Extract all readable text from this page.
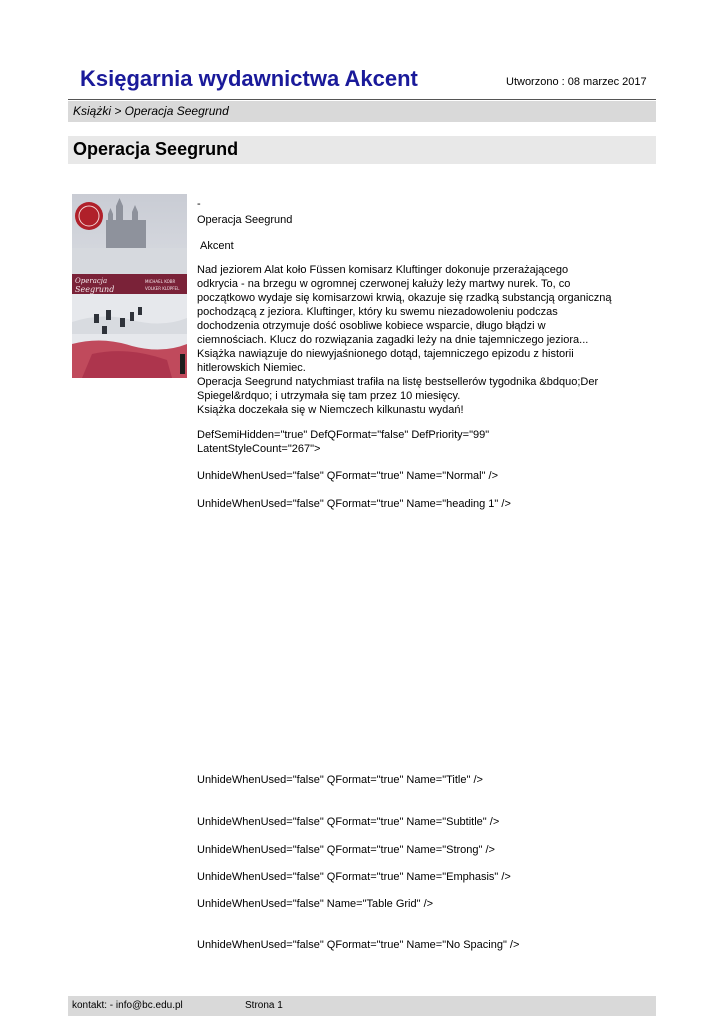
Księgarnia wydawnictwa Akcent	Utworzono : 08 marzec 2017
Książki > Operacja Seegrund
Operacja Seegrund
Operacja
Seegrund
MICHAEL KOBR
VOLKER KLÜPFEL
-
Operacja Seegrund
Akcent

Nad jeziorem Alat koło Füssen komisarz Kluftinger dokonuje przerażającego

odkrycia - na brzegu w ogromnej czerwonej kałuży leży martwy nurek. To, co

początkowo wydaje się komisarzowi krwią, okazuje się rzadką substancją organiczną

pochodzącą z jeziora. Kluftinger, który ku swemu niezadowoleniu podczas

dochodzenia otrzymuje dość osobliwe kobiece wsparcie, długo błądzi w

ciemnościach. Klucz do rozwiązania zagadki leży na dnie tajemniczego jeziora...

Książka nawiązuje do niewyjaśnionego dotąd, tajemniczego epizodu z historii

hitlerowskich Niemiec.

Operacja Seegrund natychmiast trafiła na listę bestsellerów tygodnika &bdquo;Der

Spiegel&rdquo; i utrzymała się tam przez 10 miesięcy.

Książka doczekała się w Niemczech kilkunastu wydań!

DefSemiHidden="true" DefQFormat="false" DefPriority="99"
LatentStyleCount="267">
UnhideWhenUsed="false" QFormat="true" Name="Normal" />
UnhideWhenUsed="false" QFormat="true" Name="heading 1" />
UnhideWhenUsed="false" QFormat="true" Name="Title" />
UnhideWhenUsed="false" QFormat="true" Name="Subtitle" />
UnhideWhenUsed="false" QFormat="true" Name="Strong" />
UnhideWhenUsed="false" QFormat="true" Name="Emphasis" />
UnhideWhenUsed="false" Name="Table Grid" />
UnhideWhenUsed="false" QFormat="true" Name="No Spacing" />
kontakt: - info@bc.edu.pl	Strona 1
